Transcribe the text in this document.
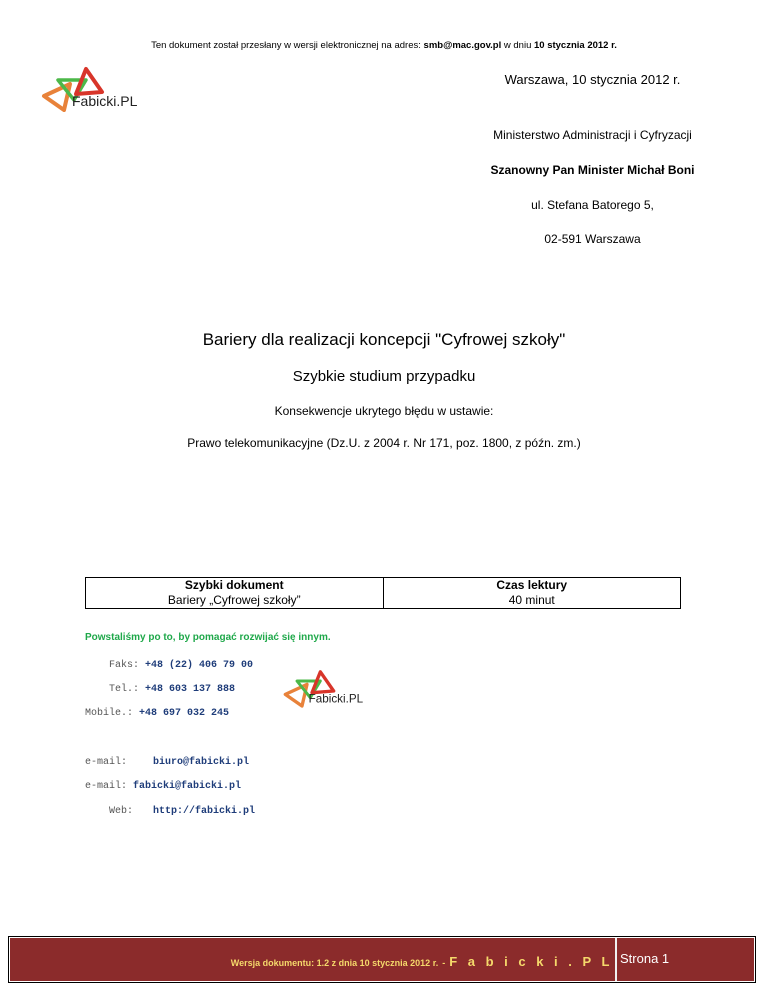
Ten dokument został przesłany w wersji elektronicznej na adres: smb@mac.gov.pl w dniu 10 stycznia 2012 r.
Fabicki.PL
Warszawa, 10 stycznia 2012 r.
Ministerstwo Administracji i Cyfryzacji
Szanowny Pan Minister Michał Boni
ul. Stefana Batorego 5,
02-591 Warszawa
Bariery dla realizacji koncepcji "Cyfrowej szkoły"
Szybkie studium przypadku
Konsekwencje ukrytego błędu w ustawie:
Prawo telekomunikacyjne (Dz.U. z 2004 r. Nr 171, poz. 1800, z późn. zm.)
Szybki dokument	Czas lektury
Bariery „Cyfrowej szkoły”	40 minut
Powstaliśmy po to, by pomagać rozwijać się innym.
Faks: +48 (22) 406 79 00
Tel.: +48 603 137 888
Mobile.: +48 697 032 245
e-mail:	biuro@fabicki.pl
e-mail: fabicki@fabicki.pl
Web: http://fabicki.pl
Fabicki.PL
Wersja dokumentu: 1.2 z dnia 10 stycznia 2012 r. - F a b i c k i . P L Strona 1
